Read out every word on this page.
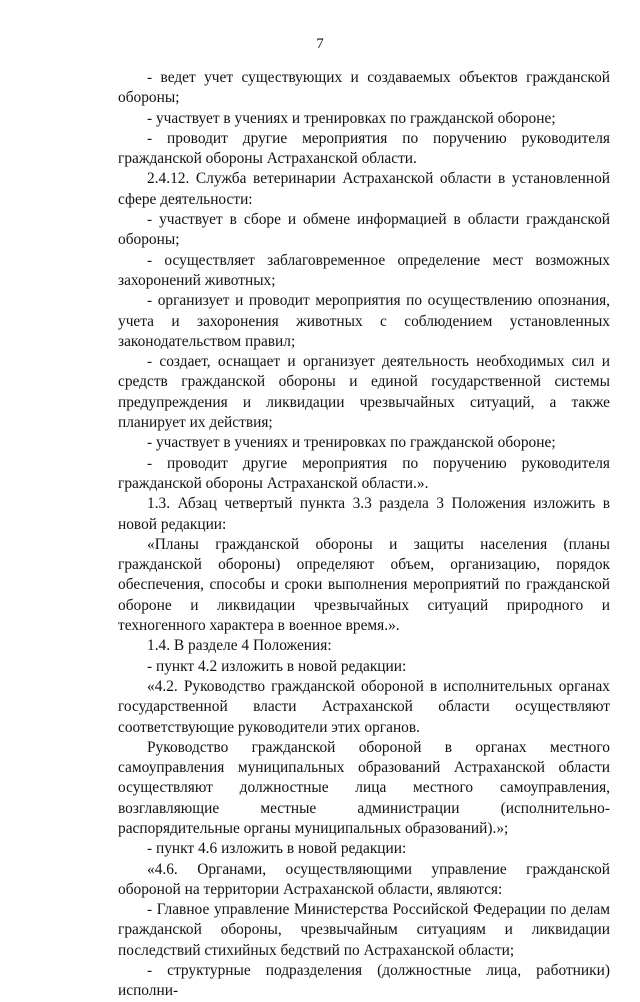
7

- ведет учет существующих и создаваемых объектов гражданской обороны;

- участвует в учениях и тренировках по гражданской обороне;

- проводит другие мероприятия по поручению руководителя гражданской обороны Астраханской области.

2.4.12. Служба ветеринарии Астраханской области в установленной сфере деятельности:

- участвует в сборе и обмене информацией в области гражданской обороны;

- осуществляет заблаговременное определение мест возможных захоронений животных;

- организует и проводит мероприятия по осуществлению опознания, учета и захоронения животных с соблюдением установленных законодательством правил;

- создает, оснащает и организует деятельность необходимых сил и средств гражданской обороны и единой государственной системы предупреждения и ликвидации чрезвычайных ситуаций, а также планирует их действия;

- участвует в учениях и тренировках по гражданской обороне;

- проводит другие мероприятия по поручению руководителя гражданской обороны Астраханской области.».

1.3. Абзац четвертый пункта 3.3 раздела 3 Положения изложить в новой редакции:

«Планы гражданской обороны и защиты населения (планы гражданской обороны) определяют объем, организацию, порядок обеспечения, способы и сроки выполнения мероприятий по гражданской обороне и ликвидации чрезвычайных ситуаций природного и техногенного характера в военное время.».

1.4. В разделе 4 Положения:

- пункт 4.2 изложить в новой редакции:

«4.2. Руководство гражданской обороной в исполнительных органах государственной власти Астраханской области осуществляют соответствующие руководители этих органов.

Руководство гражданской обороной в органах местного самоуправления муниципальных образований Астраханской области осуществляют должностные лица местного самоуправления, возглавляющие местные администрации (исполнительно-распорядительные органы муниципальных образований).»;

- пункт 4.6 изложить в новой редакции:

«4.6. Органами, осуществляющими управление гражданской обороной на территории Астраханской области, являются:

- Главное управление Министерства Российской Федерации по делам гражданской обороны, чрезвычайным ситуациям и ликвидации последствий стихийных бедствий по Астраханской области;

- структурные подразделения (должностные лица, работники) исполни-
